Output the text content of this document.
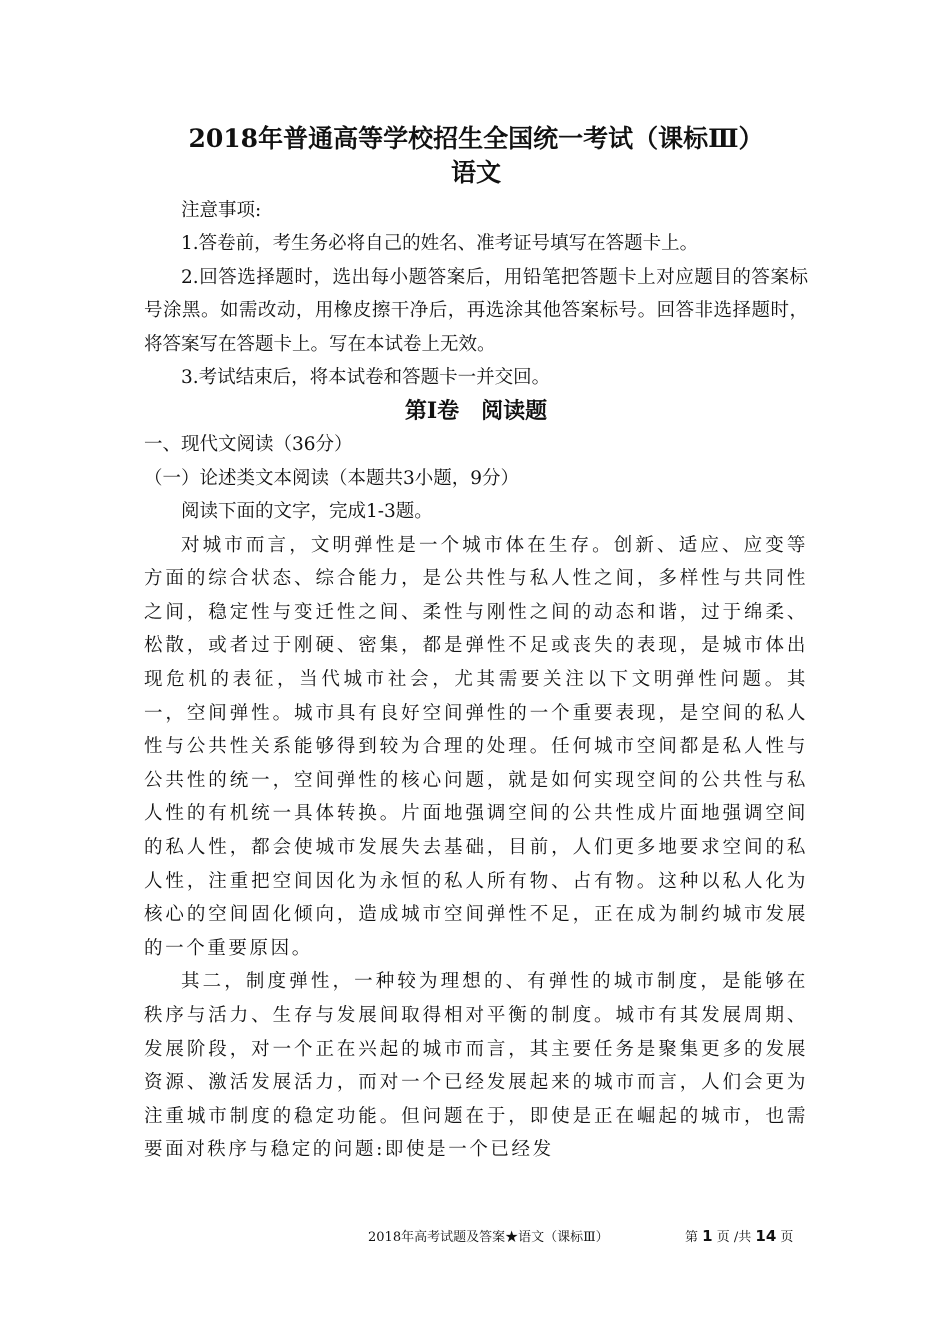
2018年普通高等学校招生全国统一考试（课标Ⅲ）
语文

注意事项:

1.答卷前，考生务必将自己的姓名、准考证号填写在答题卡上。

2.回答选择题时，选出每小题答案后，用铅笔把答题卡上对应题目的答案标号涂黑。如需改动，用橡皮擦干净后，再选涂其他答案标号。回答非选择题时，将答案写在答题卡上。写在本试卷上无效。

3.考试结束后，将本试卷和答题卡一并交回。

第Ⅰ卷　阅读题

一、现代文阅读（36分）

（一）论述类文本阅读（本题共3小题，9分）

阅读下面的文字，完成1-3题。

对城市而言，文明弹性是一个城市体在生存。创新、适应、应变等方面的综合状态、综合能力，是公共性与私人性之间，多样性与共同性之间，稳定性与变迁性之间、柔性与刚性之间的动态和谐，过于绵柔、松散，或者过于刚硬、密集，都是弹性不足或丧失的表现，是城市体出现危机的表征，当代城市社会，尤其需要关注以下文明弹性问题。其一，空间弹性。城市具有良好空间弹性的一个重要表现，是空间的私人性与公共性关系能够得到较为合理的处理。任何城市空间都是私人性与公共性的统一，空间弹性的核心问题，就是如何实现空间的公共性与私人性的有机统一具体转换。片面地强调空间的公共性成片面地强调空间的私人性，都会使城市发展失去基础，目前，人们更多地要求空间的私人性，注重把空间因化为永恒的私人所有物、占有物。这种以私人化为核心的空间固化倾向，造成城市空间弹性不足，正在成为制约城市发展的一个重要原因。

其二，制度弹性，一种较为理想的、有弹性的城市制度，是能够在秩序与活力、生存与发展间取得相对平衡的制度。城市有其发展周期、发展阶段，对一个正在兴起的城市而言，其主要任务是聚集更多的发展资源、激活发展活力，而对一个已经发展起来的城市而言，人们会更为注重城市制度的稳定功能。但问题在于，即使是正在崛起的城市，也需要面对秩序与稳定的问题:即使是一个已经发

2018年高考试题及答案★语文（课标Ⅲ）	第 1 页 /共 14 页
